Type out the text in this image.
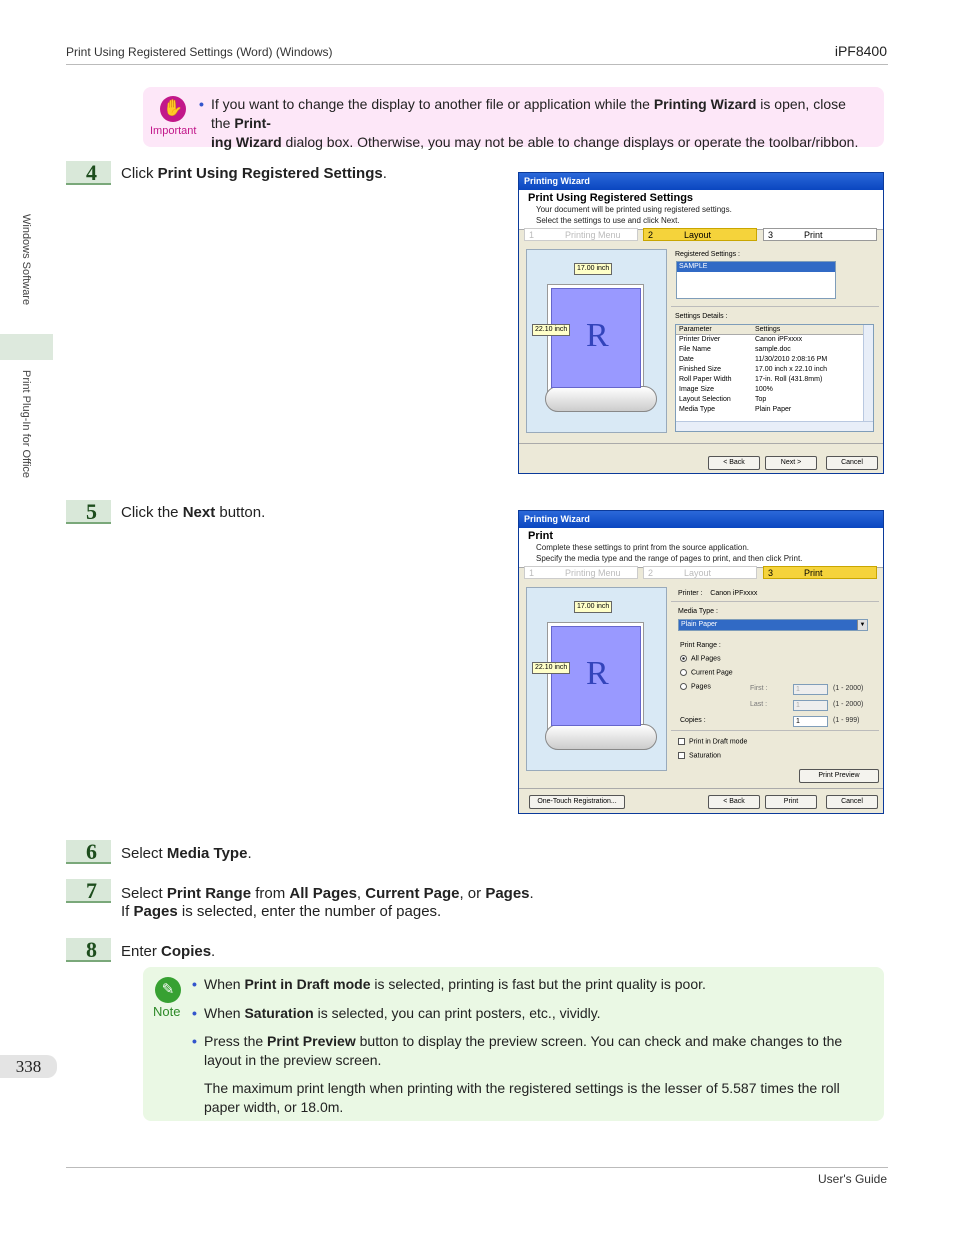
Print Using Registered Settings (Word) (Windows)	iPF8400
User's Guide
Windows Software
Print Plug-In for Office
338
✋
Important
• If you want to change the display to another file or application while the Printing Wizard is open, close the Print-
ing Wizard dialog box. Otherwise, you may not be able to change displays or operate the toolbar/ribbon.
4	Click Print Using Registered Settings.	Printing Wizard
Print Using Registered Settings
Your document will be printed using registered settings.
Select the settings to use and click Next.
1	Printing Menu	2	Layout	3	Print
R
17.00 inch
22.10 inch
Registered Settings :
SAMPLE
Settings Details :
Parameter	Settings
Printer Driver	Canon iPFxxxx
File Name	sample.doc
Date	11/30/2010 2:08:16 PM
Finished Size	17.00 inch x 22.10 inch
Roll Paper Width	17-in. Roll (431.8mm)
Image Size	100%
Layout Selection	Top
Media Type	Plain Paper
< Back	Next >	Cancel
5	Click the Next button.	Printing Wizard
Print
Complete these settings to print from the source application.
Specify the media type and the range of pages to print, and then click Print.
1	Printing Menu	2	Layout	3	Print
R
17.00 inch
22.10 inch
Printer : Canon iPFxxxx
Media Type :
Plain Paper	▼
Print Range :
All Pages
Current Page
Pages	First :	1	(1 - 2000)
Last :	1	(1 - 2000)
Copies :	1	(1 - 999)
Print in Draft mode
Saturation
Print Preview
One-Touch Registration...	< Back	Print	Cancel
6	Select Media Type.
7	Select Print Range from All Pages, Current Page, or Pages.
If Pages is selected, enter the number of pages.
8	Enter Copies.
✎
Note
• When Print in Draft mode is selected, printing is fast but the print quality is poor.
• When Saturation is selected, you can print posters, etc., vividly.
• Press the Print Preview button to display the preview screen. You can check and make changes to the layout in the preview screen.
The maximum print length when printing with the registered settings is the lesser of 5.587 times the roll paper width, or 18.0m.
